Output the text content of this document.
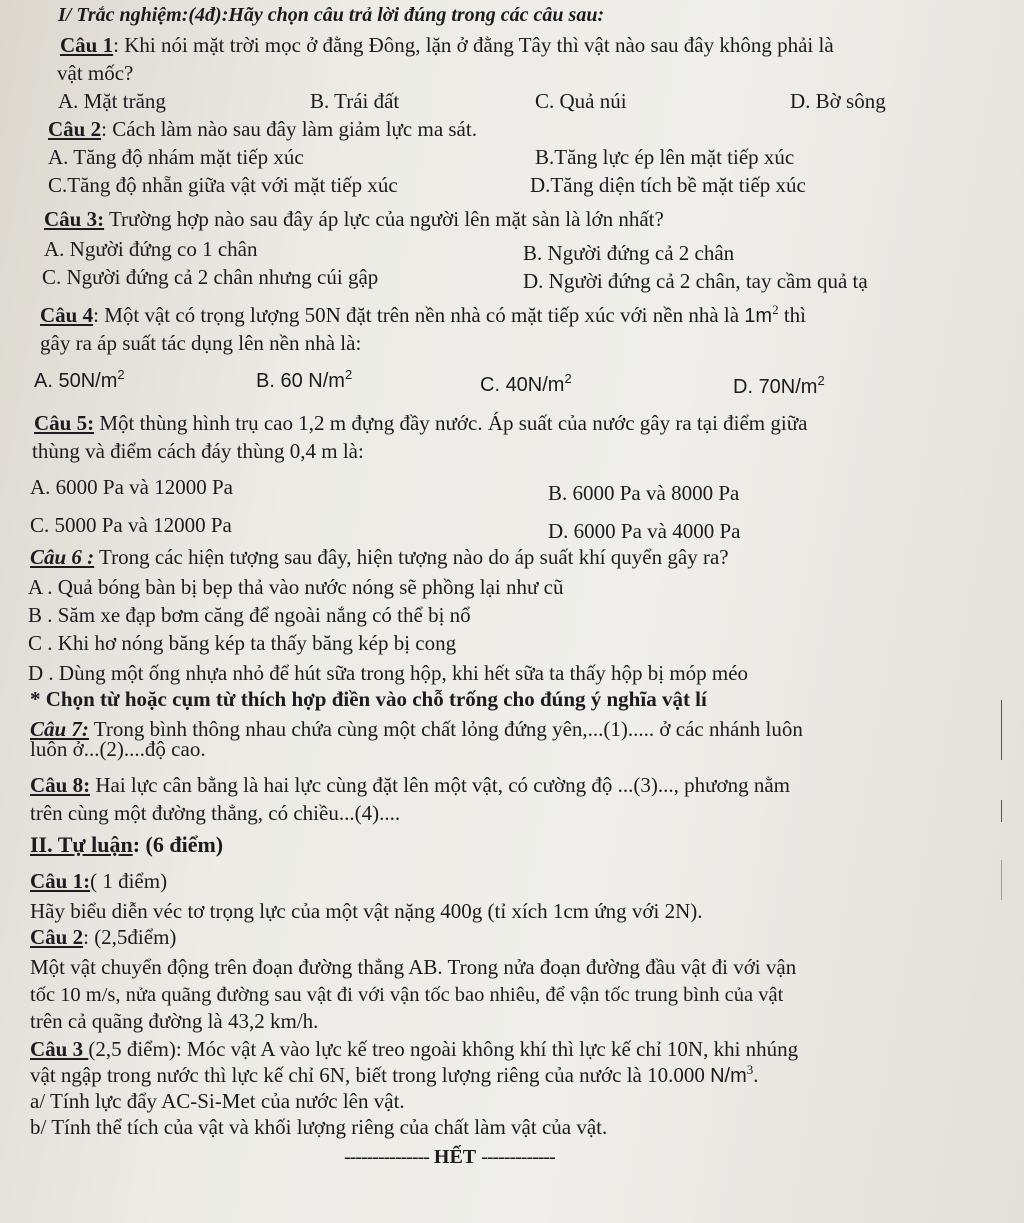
I/ Trắc nghiệm:(4đ):Hãy chọn câu trả lời đúng trong các câu sau:
Câu 1: Khi nói mặt trời mọc ở đằng Đông, lặn ở đằng Tây thì vật nào sau đây không phải là
vật mốc?
A. Mặt trăng	B. Trái đất	C. Quả núi	D. Bờ sông
Câu 2: Cách làm nào sau đây làm giảm lực ma sát.
A. Tăng độ nhám mặt tiếp xúc	B.Tăng lực ép lên mặt tiếp xúc
C.Tăng độ nhẵn giữa vật với mặt tiếp xúc	D.Tăng diện tích bề mặt tiếp xúc
Câu 3: Trường hợp nào sau đây áp lực của người lên mặt sàn là lớn nhất?
A. Người đứng co 1 chân	B. Người đứng cả 2 chân
C. Người đứng cả 2 chân nhưng cúi gập	D. Người đứng cả 2 chân, tay cầm quả tạ
Câu 4: Một vật có trọng lượng 50N đặt trên nền nhà có mặt tiếp xúc với nền nhà là $1m^2$ thì
gây ra áp suất tác dụng lên nền nhà là:
A. $50N/m^2$	B. 60 $N/m^2$	C. $40N/m^2$	D. $70N/m^2$
Câu 5: Một thùng hình trụ cao 1,2 m đựng đầy nước. Áp suất của nước gây ra tại điểm giữa
thùng và điểm cách đáy thùng 0,4 m là:
A. 6000 Pa và 12000 Pa	B. 6000 Pa và 8000 Pa
C. 5000 Pa và 12000 Pa	D. 6000 Pa và 4000 Pa
Câu 6 : Trong các hiện tượng sau đây, hiện tượng nào do áp suất khí quyển gây ra?
A . Quả bóng bàn bị bẹp thả vào nước nóng sẽ phồng lại như cũ
B . Săm xe đạp bơm căng để ngoài nắng có thể bị nổ
C . Khi hơ nóng băng kép ta thấy băng kép bị cong
D . Dùng một ống nhựa nhỏ để hút sữa trong hộp, khi hết sữa ta thấy hộp bị móp méo
* Chọn từ hoặc cụm từ thích hợp điền vào chỗ trống cho đúng ý nghĩa vật lí
Câu 7: Trong bình thông nhau chứa cùng một chất lỏng đứng yên,...(1)..... ở các nhánh luôn
luôn ở...(2)....độ cao.
Câu 8: Hai lực cân bằng là hai lực cùng đặt lên một vật, có cường độ ...(3)..., phương nằm
trên cùng một đường thẳng, có chiều...(4)....
II. Tự luận: (6 điểm)
Câu 1:( 1 điểm)
Hãy biểu diễn véc tơ trọng lực của một vật nặng 400g (tỉ xích 1cm ứng với 2N).
Câu 2: (2,5điểm)
Một vật chuyển động trên đoạn đường thẳng AB. Trong nửa đoạn đường đầu vật đi với vận
tốc 10 m/s, nửa quãng đường sau vật đi với vận tốc bao nhiêu, để vận tốc trung bình của vật
trên cả quãng đường là 43,2 km/h.
Câu 3 (2,5 điểm): Móc vật A vào lực kế treo ngoài không khí thì lực kế chỉ 10N, khi nhúng
vật ngập trong nước thì lực kế chỉ 6N, biết trong lượng riêng của nước là 10.000 $N/m^3$.
a/ Tính lực đẩy AC-Si-Met của nước lên vật.
b/ Tính thể tích của vật và khối lượng riêng của chất làm vật của vật.
--------------- HẾT -------------
